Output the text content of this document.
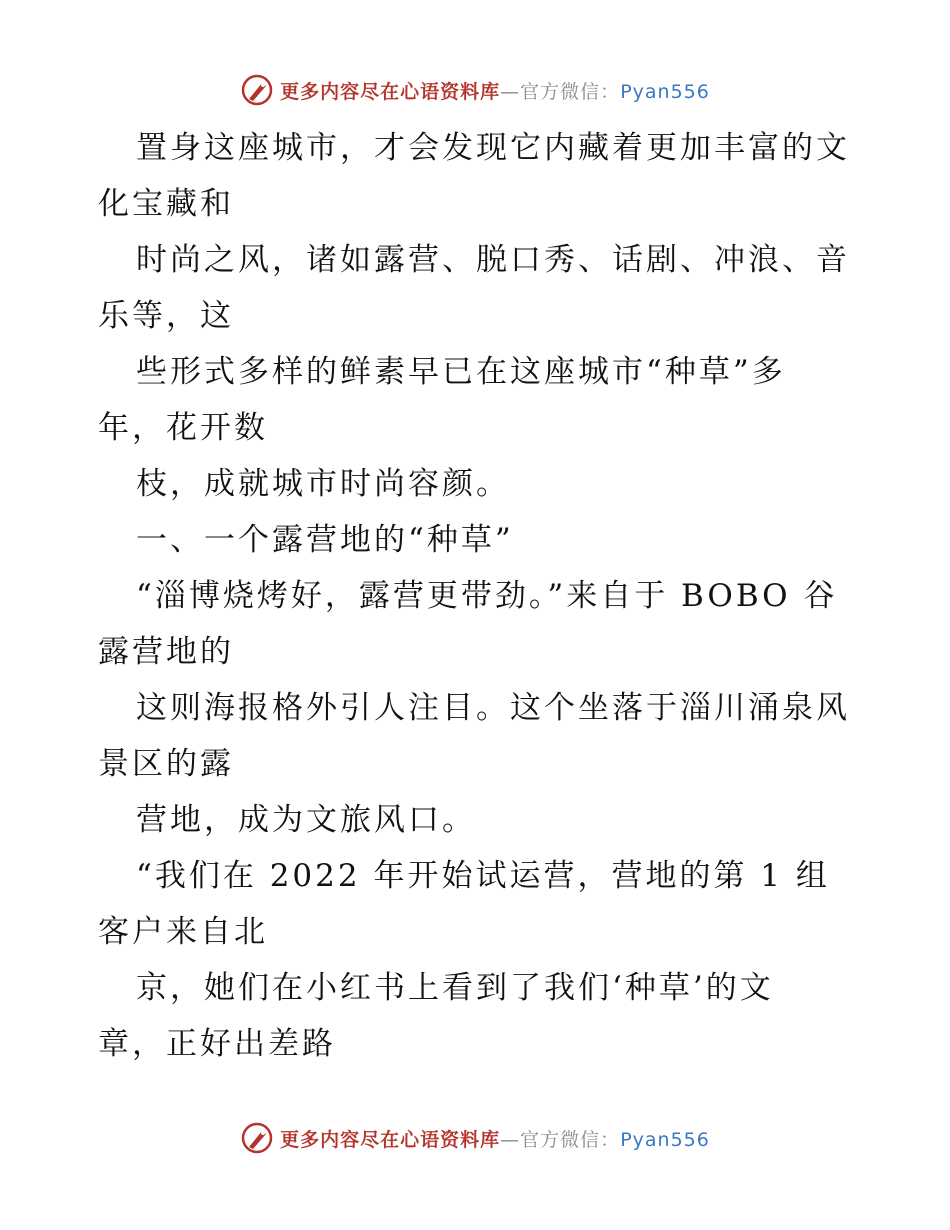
更多内容尽在心语资料库—官方微信：Pyan556
置身这座城市，才会发现它内藏着更加丰富的文
化宝藏和
时尚之风，诸如露营、脱口秀、话剧、冲浪、音
乐等，这
些形式多样的鲜素早已在这座城市“种草”多
年，花开数
枝，成就城市时尚容颜。
一、一个露营地的“种草”
“淄博烧烤好，露营更带劲。”来自于 BOBO 谷
露营地的
这则海报格外引人注目。这个坐落于淄川涌泉风
景区的露
营地，成为文旅风口。
“我们在 2022 年开始试运营，营地的第 1 组
客户来自北
京，她们在小红书上看到了我们‘种草’的文
章，正好出差路
更多内容尽在心语资料库—官方微信：Pyan556
